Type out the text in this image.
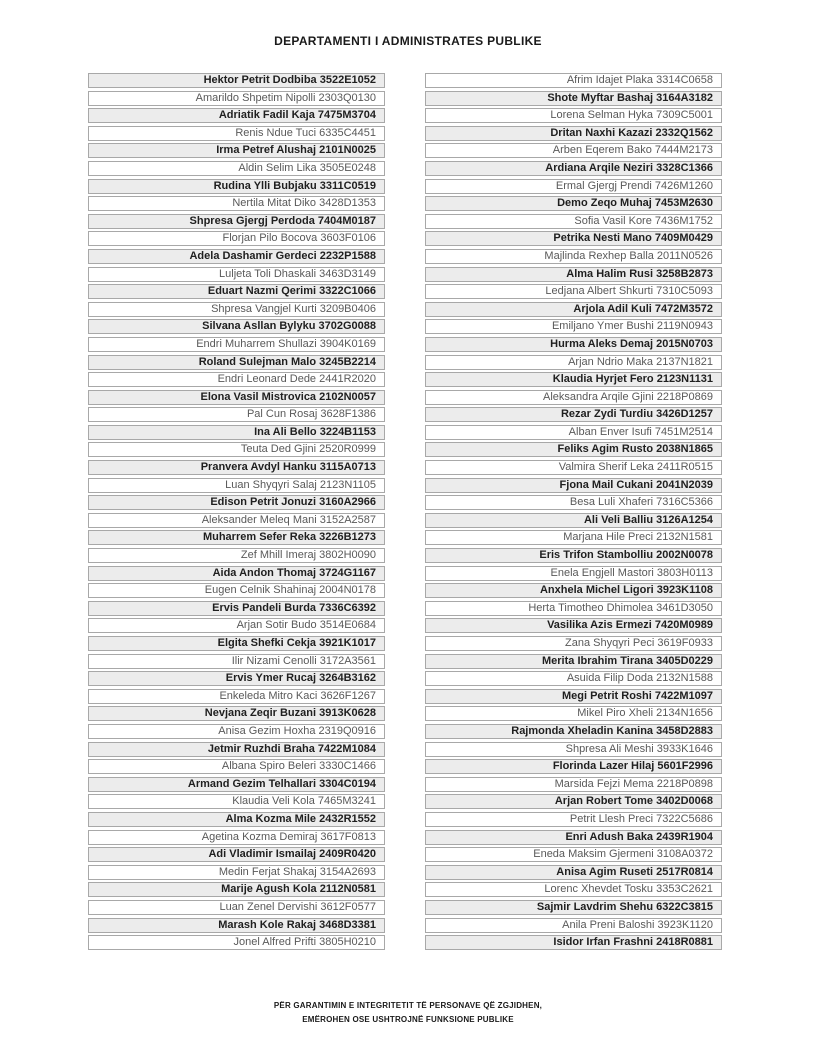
DEPARTAMENTI I ADMINISTRATES PUBLIKE
Hektor Petrit Dodbiba 3522E1052
Amarildo Shpetim Nipolli 2303Q0130
Adriatik Fadil Kaja 7475M3704
Renis Ndue Tuci 6335C4451
Irma Petref Alushaj 2101N0025
Aldin Selim Lika 3505E0248
Rudina Ylli Bubjaku 3311C0519
Nertila Mitat Diko 3428D1353
Shpresa Gjergj Perdoda 7404M0187
Florjan Pilo Bocova 3603F0106
Adela Dashamir Gerdeci 2232P1588
Luljeta Toli Dhaskali 3463D3149
Eduart Nazmi Qerimi 3322C1066
Shpresa Vangjel Kurti 3209B0406
Silvana Asllan Bylyku 3702G0088
Endri Muharrem Shullazi 3904K0169
Roland Sulejman Malo 3245B2214
Endri Leonard Dede 2441R2020
Elona Vasil Mistrovica 2102N0057
Pal Cun Rosaj 3628F1386
Ina Ali Bello 3224B1153
Teuta Ded Gjini 2520R0999
Pranvera Avdyl Hanku 3115A0713
Luan Shyqyri Salaj 2123N1105
Edison Petrit Jonuzi 3160A2966
Aleksander Meleq Mani 3152A2587
Muharrem Sefer Reka 3226B1273
Zef Mhill Imeraj 3802H0090
Aida Andon Thomaj 3724G1167
Eugen Celnik Shahinaj 2004N0178
Ervis Pandeli Burda 7336C6392
Arjan Sotir Budo 3514E0684
Elgita Shefki Cekja 3921K1017
Ilir Nizami Cenolli 3172A3561
Ervis Ymer Rucaj 3264B3162
Enkeleda Mitro Kaci 3626F1267
Nevjana Zeqir Buzani 3913K0628
Anisa Gezim Hoxha 2319Q0916
Jetmir Ruzhdi Braha 7422M1084
Albana Spiro Beleri 3330C1466
Armand Gezim Telhallari 3304C0194
Klaudia Veli Kola 7465M3241
Alma Kozma Mile 2432R1552
Agetina Kozma Demiraj 3617F0813
Adi Vladimir Ismailaj 2409R0420
Medin Ferjat Shakaj 3154A2693
Marije Agush Kola 2112N0581
Luan Zenel Dervishi 3612F0577
Marash Kole Rakaj 3468D3381
Jonel Alfred Prifti 3805H0210
Afrim Idajet Plaka 3314C0658
Shote Myftar Bashaj 3164A3182
Lorena Selman Hyka 7309C5001
Dritan Naxhi Kazazi 2332Q1562
Arben Eqerem Bako 7444M2173
Ardiana Arqile Neziri 3328C1366
Ermal Gjergj Prendi 7426M1260
Demo Zeqo Muhaj 7453M2630
Sofia Vasil Kore 7436M1752
Petrika Nesti Mano 7409M0429
Majlinda Rexhep Balla 2011N0526
Alma Halim Rusi 3258B2873
Ledjana Albert Shkurti 7310C5093
Arjola Adil Kuli 7472M3572
Emiljano Ymer Bushi 2119N0943
Hurma Aleks Demaj 2015N0703
Arjan Ndrio Maka 2137N1821
Klaudia Hyrjet Fero 2123N1131
Aleksandra Arqile Gjini 2218P0869
Rezar Zydi Turdiu 3426D1257
Alban Enver Isufi 7451M2514
Feliks Agim Rusto 2038N1865
Valmira Sherif Leka 2411R0515
Fjona Mail Cukani 2041N2039
Besa Luli Xhaferi 7316C5366
Ali Veli Balliu 3126A1254
Marjana Hile Preci 2132N1581
Eris Trifon Stambolliu 2002N0078
Enela Engjell Mastori 3803H0113
Anxhela Michel Ligori 3923K1108
Herta Timotheo Dhimolea 3461D3050
Vasilika Azis Ermezi 7420M0989
Zana Shyqyri Peci 3619F0933
Merita Ibrahim Tirana 3405D0229
Asuida Filip Doda 2132N1588
Megi Petrit Roshi 7422M1097
Mikel Piro Xheli 2134N1656
Rajmonda Xheladin Kanina 3458D2883
Shpresa Ali Meshi 3933K1646
Florinda Lazer Hilaj 5601F2996
Marsida Fejzi Mema 2218P0898
Arjan Robert Tome 3402D0068
Petrit Llesh Preci 7322C5686
Enri Adush Baka 2439R1904
Eneda Maksim Gjermeni 3108A0372
Anisa Agim Ruseti 2517R0814
Lorenc Xhevdet Tosku 3353C2621
Sajmir Lavdrim Shehu 6322C3815
Anila Preni Baloshi 3923K1120
Isidor Irfan Frashni 2418R0881
PËR GARANTIMIN E INTEGRITETIT TË PERSONAVE QË ZGJIDHEN,
EMËROHEN OSE USHTROJNË FUNKSIONE PUBLIKE
